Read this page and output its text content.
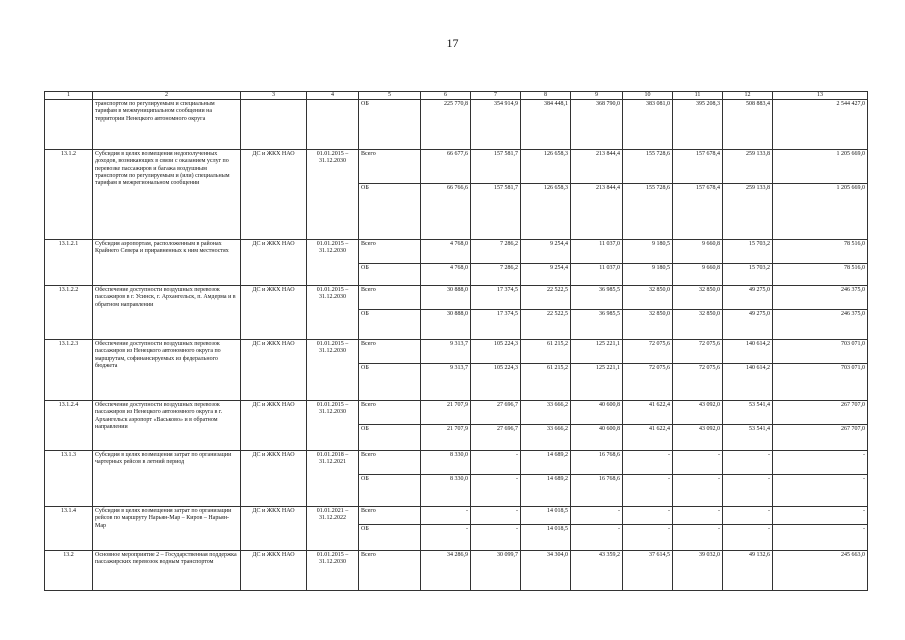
17
1	2	3	4	5	6	7	8	9	10	11	12	13
	транспортом по регулируемым и специальным тарифам в межмуниципальном сообщении на территории Ненецкого автономного округа			ОБ	225 770,8	354 914,9	384 448,1	368 790,0	383 081,0	395 208,3	508 883,4	2 544 427,0
13.1.2	Субсидия в целях возмещения недополученных доходов, возникающих в связи с оказанием услуг по перевозке пассажиров и багажа воздушным транспортом по регулируемым и (или) специальным тарифам в межрегиональном сообщении	ДС и ЖКХ НАО	01.01.2015 – 31.12.2030	Всего	66 677,6	157 581,7	126 658,3	213 844,4	155 728,6	157 678,4	259 133,8	1 205 669,0
				ОБ	66 766,6	157 581,7	126 658,3	213 844,4	155 728,6	157 678,4	259 133,8	1 205 669,0
13.1.2.1	Субсидия аэропортам, расположенным в районах Крайнего Севера и приравненных к ним местностях	ДС и ЖКХ НАО	01.01.2015 – 31.12.2030	Всего	4 768,0	7 286,2	9 254,4	11 037,0	9 180,5	9 660,8	15 703,2	78 516,0
				ОБ	4 768,0	7 286,2	9 254,4	11 037,0	9 180,5	9 660,8	15 703,2	78 516,0
13.1.2.2	Обеспечение доступности воздушных перевозок пассажиров в г. Усинск, г. Архангельск, п. Амдерма и в обратном направлении	ДС и ЖКХ НАО	01.01.2015 – 31.12.2030	Всего	30 888,0	17 374,5	22 522,5	36 985,5	32 850,0	32 850,0	49 275,0	246 375,0
				ОБ	30 888,0	17 374,5	22 522,5	36 985,5	32 850,0	32 850,0	49 275,0	246 375,0
13.1.2.3	Обеспечение доступности воздушных перевозок пассажиров из Ненецкого автономного округа по маршрутам, софинансируемых из федерального бюджета	ДС и ЖКХ НАО	01.01.2015 – 31.12.2030	Всего	9 313,7	105 224,3	61 215,2	125 221,1	72 075,6	72 075,6	140 614,2	703 071,0
				ОБ	9 313,7	105 224,3	61 215,2	125 221,1	72 075,6	72 075,6	140 614,2	703 071,0
13.1.2.4	Обеспечение доступности воздушных перевозок пассажиров из Ненецкого автономного округа в г. Архангельск аэропорт «Васьково» и в обратном направлении	ДС и ЖКХ НАО	01.01.2015 – 31.12.2030	Всего	21 707,9	27 696,7	33 666,2	40 600,8	41 622,4	43 092,0	53 541,4	267 707,0
				ОБ	21 707,9	27 696,7	33 666,2	40 600,8	41 622,4	43 092,0	53 541,4	267 707,0
13.1.3	Субсидия в целях возмещения затрат по организации чартерных рейсов в летний период	ДС и ЖКХ НАО	01.01.2018 – 31.12.2021	Всего	8 330,0	-	14 689,2	16 768,6	-	-	-	-
				ОБ	8 330,0	-	14 689,2	16 768,6	-	-	-	-
13.1.4	Субсидия в целях возмещения затрат по организации рейсов по маршруту Нарьян-Мар – Киров – Нарьян-Мар	ДС и ЖКХ НАО	01.01.2021 – 31.12.2022	Всего	-	-	14 018,5	-	-	-	-	-
				ОБ	-	-	14 018,5	-	-	-	-	-
13.2	Основное мероприятие 2 – Государственная поддержка пассажирских перевозок водным транспортом	ДС и ЖКХ НАО	01.01.2015 – 31.12.2030	Всего	34 286,9	30 099,7	34 304,0	43 359,2	37 614,5	39 032,0	49 132,6	245 663,0
